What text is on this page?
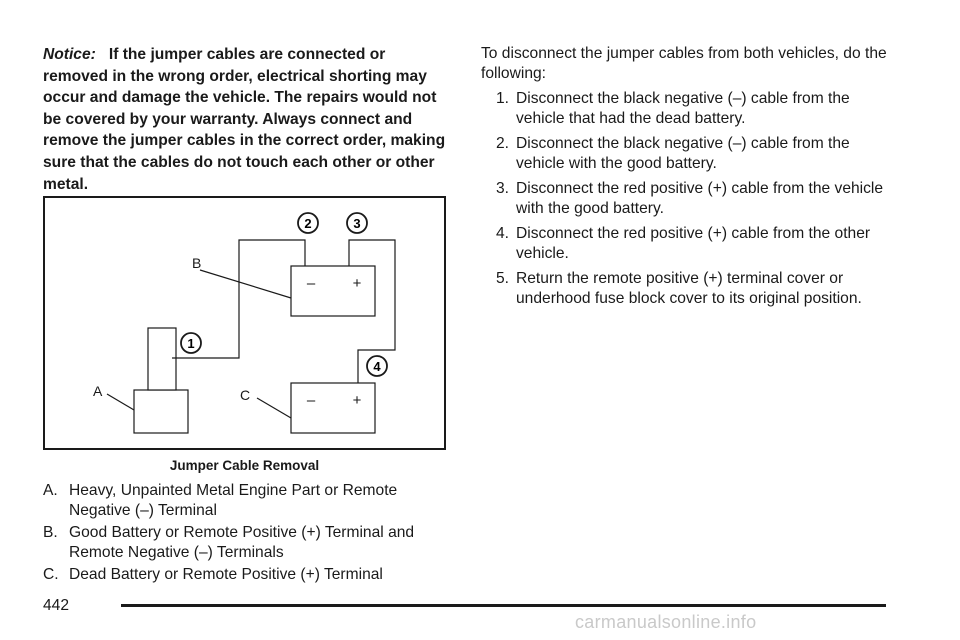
Notice: If the jumper cables are connected or removed in the wrong order, electrical shorting may occur and damage the vehicle. The repairs would not be covered by your warranty. Always connect and remove the jumper cables in the correct order, making sure that the cables do not touch each other or other metal.

– +
– +
B
A	C
1
2	3
4
Jumper Cable Removal
A. Heavy, Unpainted Metal Engine Part or Remote Negative (–) Terminal
B. Good Battery or Remote Positive (+) Terminal and Remote Negative (–) Terminals
C. Dead Battery or Remote Positive (+) Terminal

To disconnect the jumper cables from both vehicles, do the following:

1. Disconnect the black negative (–) cable from the vehicle that had the dead battery.
2. Disconnect the black negative (–) cable from the vehicle with the good battery.
3. Disconnect the red positive (+) cable from the vehicle with the good battery.
4. Disconnect the red positive (+) cable from the other vehicle.
5. Return the remote positive (+) terminal cover or underhood fuse block cover to its original position.
442
carmanualsonline.info
